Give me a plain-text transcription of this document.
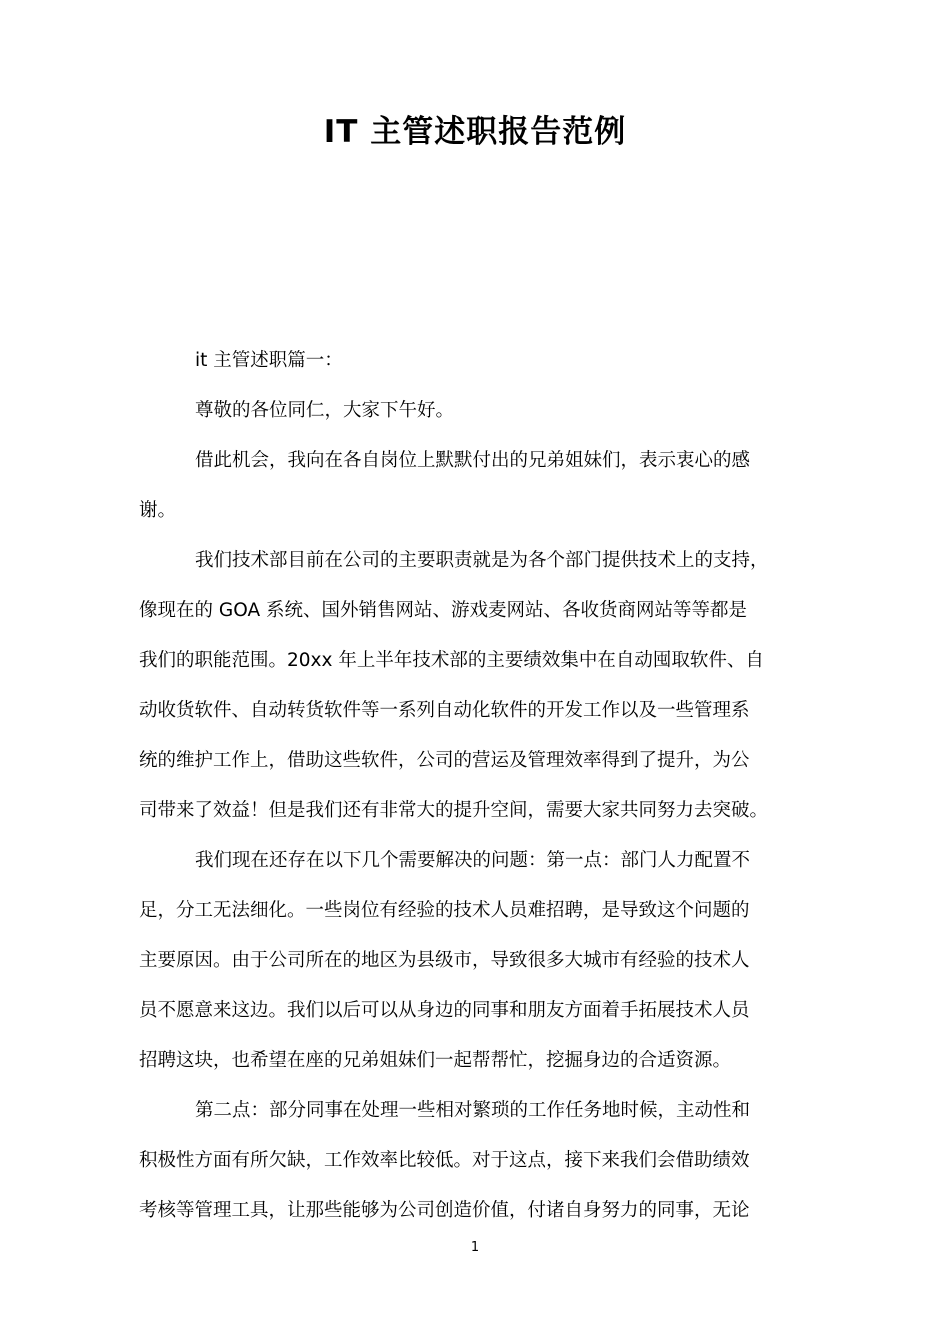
IT 主管述职报告范例
it 主管述职篇一：
尊敬的各位同仁，大家下午好。
借此机会，我向在各自岗位上默默付出的兄弟姐妹们，表示衷心的感
谢。
我们技术部目前在公司的主要职责就是为各个部门提供技术上的支持，
像现在的 GOA 系统、国外销售网站、游戏麦网站、各收货商网站等等都是
我们的职能范围。20xx 年上半年技术部的主要绩效集中在自动囤取软件、自
动收货软件、自动转货软件等一系列自动化软件的开发工作以及一些管理系
统的维护工作上，借助这些软件，公司的营运及管理效率得到了提升，为公
司带来了效益！但是我们还有非常大的提升空间，需要大家共同努力去突破。
我们现在还存在以下几个需要解决的问题：第一点：部门人力配置不
足，分工无法细化。一些岗位有经验的技术人员难招聘，是导致这个问题的
主要原因。由于公司所在的地区为县级市，导致很多大城市有经验的技术人
员不愿意来这边。我们以后可以从身边的同事和朋友方面着手拓展技术人员
招聘这块，也希望在座的兄弟姐妹们一起帮帮忙，挖掘身边的合适资源。
第二点：部分同事在处理一些相对繁琐的工作任务地时候，主动性和
积极性方面有所欠缺，工作效率比较低。对于这点，接下来我们会借助绩效
考核等管理工具，让那些能够为公司创造价值，付诸自身努力的同事，无论
1
